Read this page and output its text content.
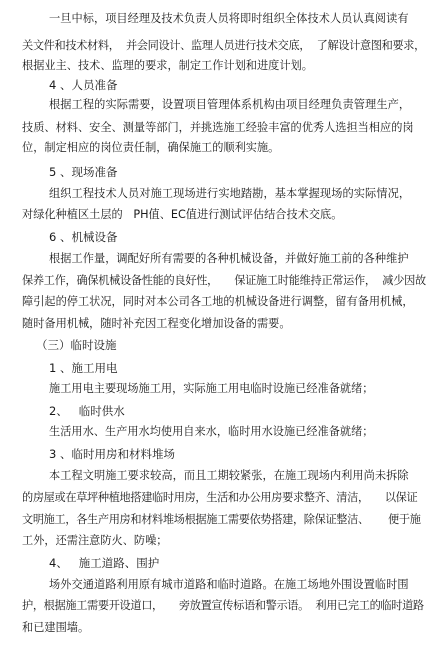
一旦中标，项目经理及技术负责人员将即时组织全体技术人员认真阅读有
关文件和技术材料，  并会同设计、监理人员进行技术交底，  了解设计意图和要求，
根据业主、技术、监理的要求，制定工作计划和进度计划。
4 、人员准备
根据工程的实际需要，设置项目管理体系机构由项目经理负责管理生产，
技质、材料、安全、测量等部门，并挑选施工经验丰富的优秀人选担当相应的岗
位，制定相应的岗位责任制，确保施工的顺利实施。
5 、现场准备
组织工程技术人员对施工现场进行实地踏勘，基本掌握现场的实际情况，
对绿化种植区土层的   PH值、EC值进行测试评估结合技术交底。
6 、机械设备
根据工作量，调配好所有需要的各种机械设备，并做好施工前的各种维护
保养工作，确保机械设备性能的良好性，     保证施工时能维持正常运作，  减少因故
障引起的停工状况，同时对本公司各工地的机械设备进行调整，留有备用机械，
随时备用机械，随时补充因工程变化增加设备的需要。
（三）临时设施
1 、施工用电
施工用电主要现场施工用，实际施工用电临时设施已经准备就绪；
2、   临时供水
生活用水、生产用水均使用自来水，临时用水设施已经准备就绪；
3 、临时用房和材料堆场
本工程文明施工要求较高，而且工期较紧张，在施工现场内利用尚未拆除
的房屋或在草坪种植地搭建临时用房，生活和办公用房要求整齐、清洁，     以保证
文明施工，各生产用房和材料堆场根据施工需要依势搭建，除保证整洁、      便于施
工外，还需注意防火、防噪；
4、   施工道路、围护
场外交通道路利用原有城市道路和临时道路。在施工场地外围设置临时围
护，根据施工需要开设道口，     旁放置宣传标语和警示语。  利用已完工的临时道路
和已建围墙。
